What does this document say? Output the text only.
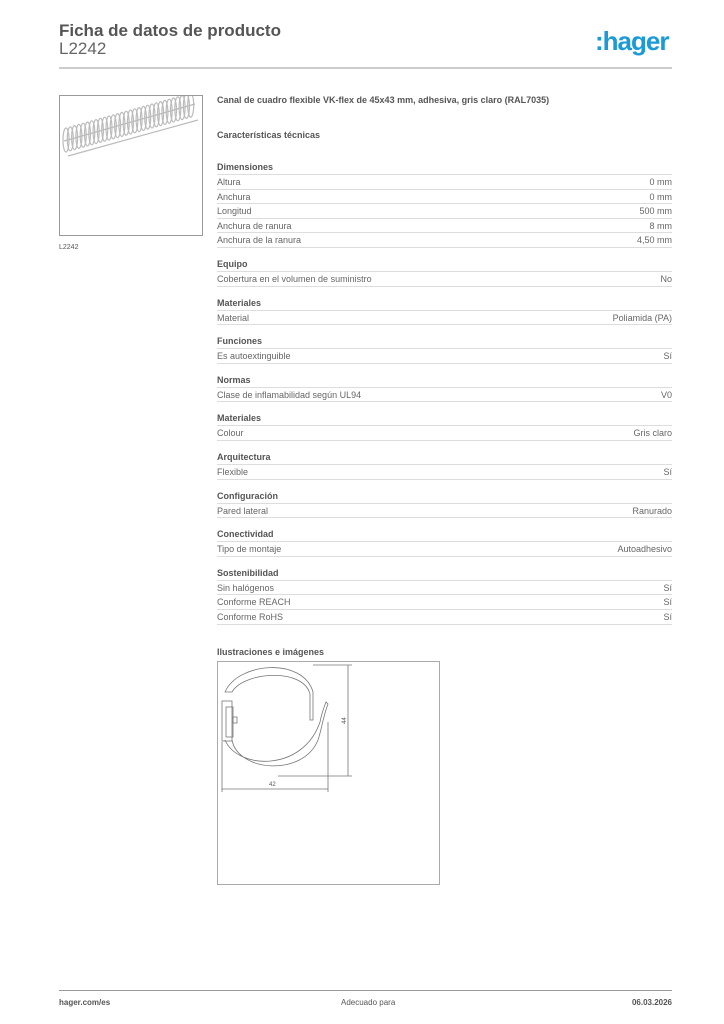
Ficha de datos de producto
L2242	:hager
L2242
Canal de cuadro flexible VK-flex de 45x43 mm, adhesiva, gris claro (RAL7035)
Características técnicas
Dimensiones
Altura	0 mm
Anchura	0 mm
Longitud	500 mm
Anchura de ranura	8 mm
Anchura de la ranura	4,50 mm
Equipo
Cobertura en el volumen de suministro	No
Materiales
Material	Poliamida (PA)
Funciones
Es autoextinguible	Sí
Normas
Clase de inflamabilidad según UL94	V0
Materiales
Colour	Gris claro
Arquitectura
Flexible	Sí
Configuración
Pared lateral	Ranurado
Conectividad
Tipo de montaje	Autoadhesivo
Sostenibilidad
Sin halógenos	Sí
Conforme REACH	Sí
Conforme RoHS	Sí
Ilustraciones e imágenes
44
42
hager.com/es	Adecuado para	06.03.2026
